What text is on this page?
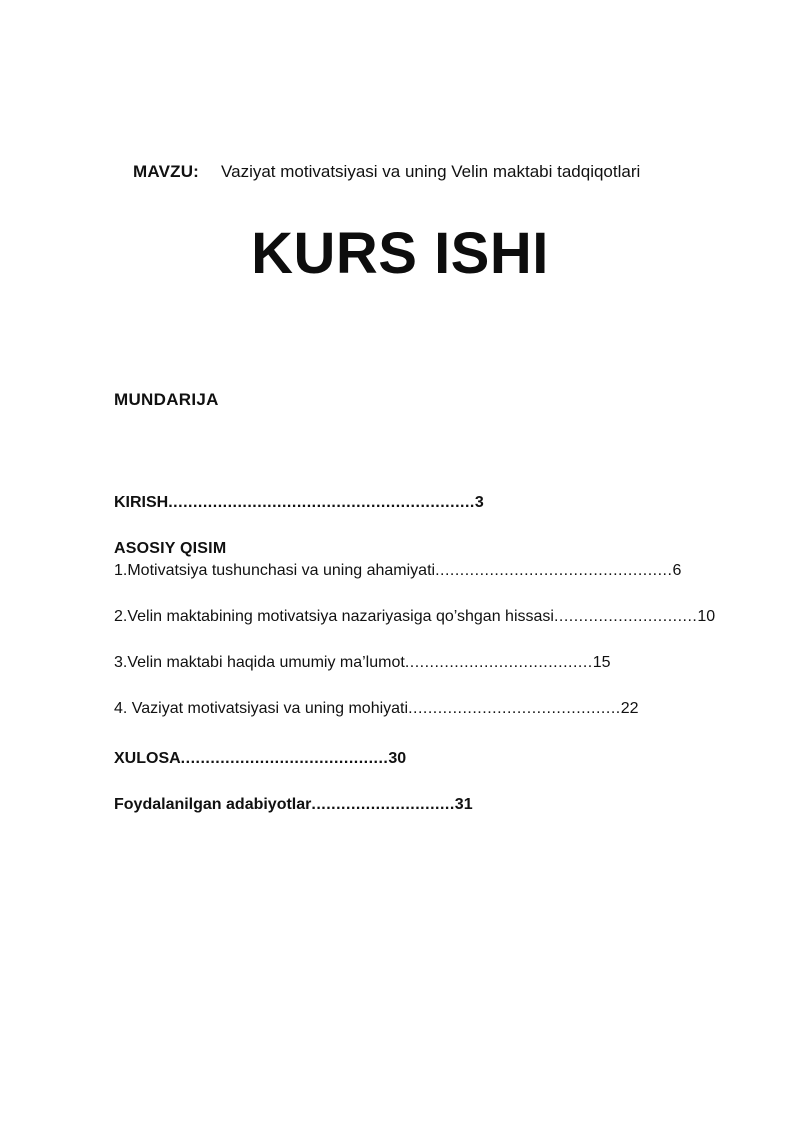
MAVZU: Vaziyat motivatsiyasi va uning Velin maktabi tadqiqotlari
KURS ISHI
MUNDARIJA
KIRISH..............................................................3
ASOSIY QISIM
1.Motivatsiya tushunchasi va uning ahamiyati................................................6
2.Velin maktabining motivatsiya nazariyasiga qo’shgan hissasi.............................10
3.Velin maktabi haqida umumiy ma’lumot......................................15
4. Vaziyat motivatsiyasi va uning mohiyati...........................................22
XULOSA..........................................30
Foydalanilgan adabiyotlar.............................31
